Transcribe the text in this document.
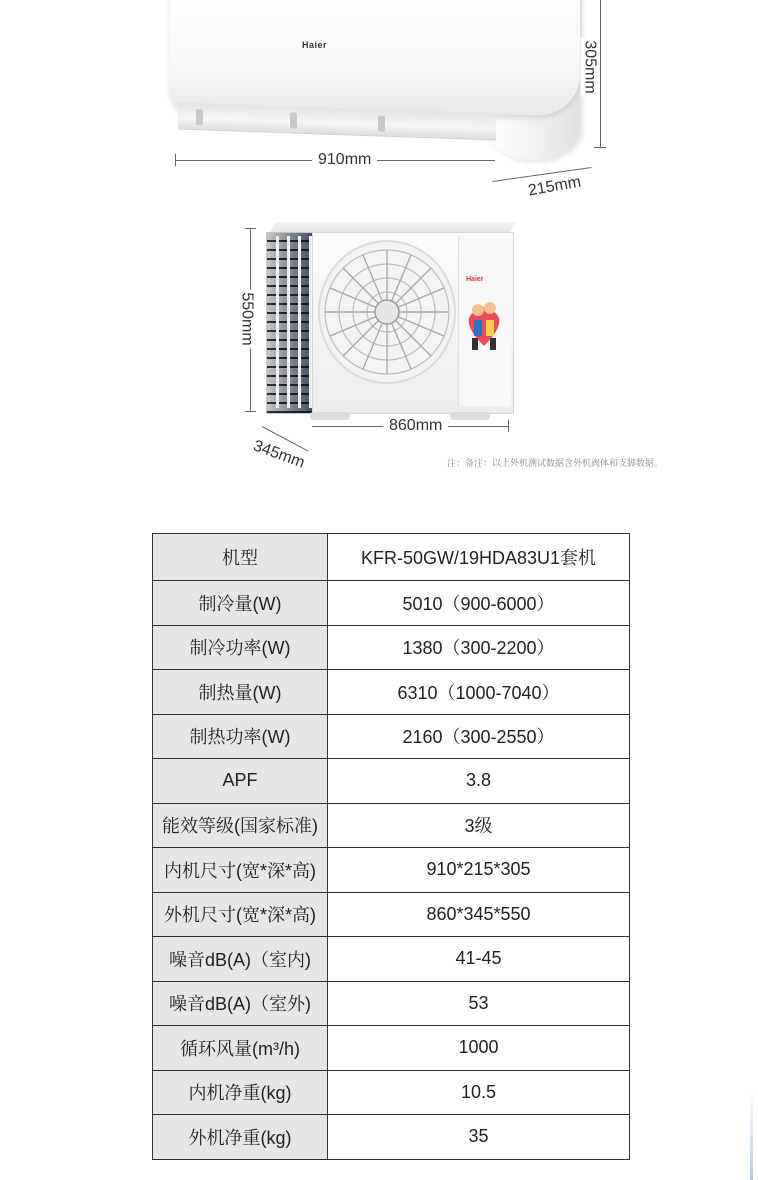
Haier	305mm
910mm
215mm
Haier
550mm
860mm
345mm	注：备注：以上外机测试数据含外机阀体和支脚数据。
机型	KFR-50GW/19HDA83U1套机
制冷量(W)	5010（900-6000）
制冷功率(W)	1380（300-2200）
制热量(W)	6310（1000-7040）
制热功率(W)	2160（300-2550）
APF	3.8
能效等级(国家标准)	3级
内机尺寸(宽*深*高)	910*215*305
外机尺寸(宽*深*高)	860*345*550
噪音dB(A)（室内)	41-45
噪音dB(A)（室外)	53
循环风量(m³/h)	1000
内机净重(kg)	10.5
外机净重(kg)	35
